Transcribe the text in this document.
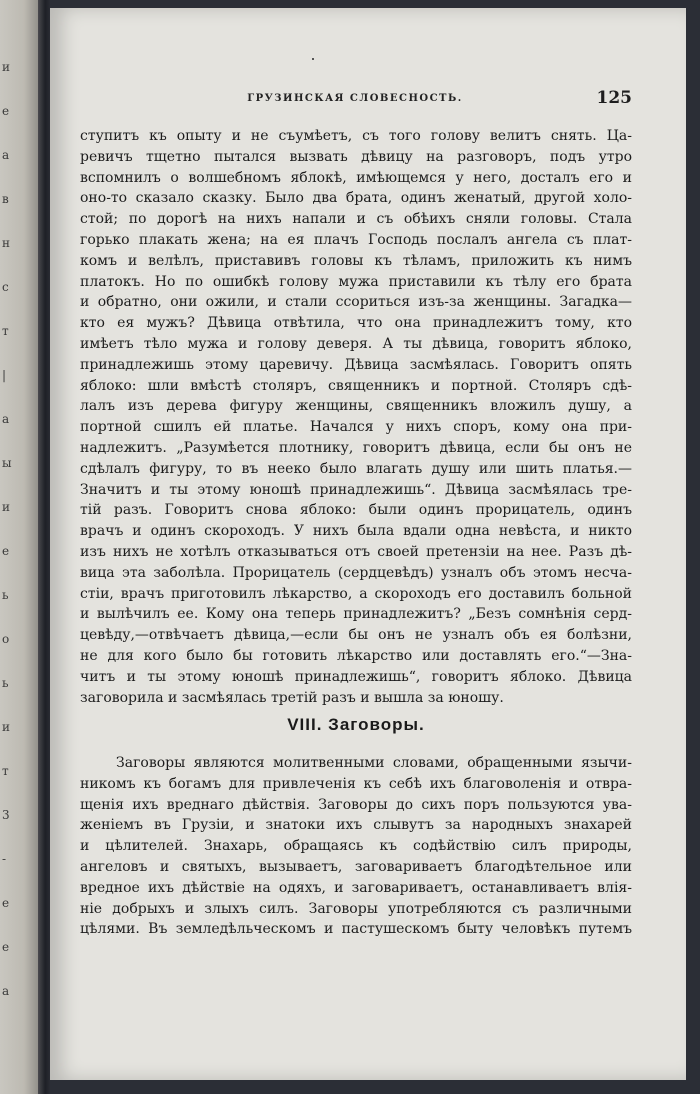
и
е
а
в
н
с
т
|
а
ы
и
е
ь
о
ь
и
т
3
-
е
е
а
ГРУЗИНСКАЯ СЛОВЕСНОСТЬ.	125
ступитъ къ опыту и не съумѣетъ, съ того голову велитъ снять. Ца-
ревичъ тщетно пытался вызвать дѣвицу на разговоръ, подъ утро
вспомнилъ о волшебномъ яблокѣ, имѣющемся у него, досталъ его и
оно-то сказало сказку. Было два брата, одинъ женатый, другой холо-
стой; по дорогѣ на нихъ напали и съ обѣихъ сняли головы. Стала
горько плакать жена; на ея плачъ Господь послалъ ангела съ плат-
комъ и велѣлъ, приставивъ головы къ тѣламъ, приложить къ нимъ
платокъ. Но по ошибкѣ голову мужа приставили къ тѣлу его брата
и обратно, они ожили, и стали ссориться изъ-за женщины. Загадка—
кто ея мужъ? Дѣвица отвѣтила, что она принадлежитъ тому, кто
имѣетъ тѣло мужа и голову деверя. А ты дѣвица, говоритъ яблоко,
принадлежишь этому царевичу. Дѣвица засмѣялась. Говоритъ опять
яблоко: шли вмѣстѣ столяръ, священникъ и портной. Столяръ сдѣ-
лалъ изъ дерева фигуру женщины, священникъ вложилъ душу, а
портной сшилъ ей платье. Начался у нихъ споръ, кому она при-
надлежитъ. „Разумѣется плотнику, говоритъ дѣвица, если бы онъ не
сдѣлалъ фигуру, то въ нееко было влагать душу или шить платья.—
Значитъ и ты этому юношѣ принадлежишь“. Дѣвица засмѣялась тре-
тій разъ. Говоритъ снова яблоко: были одинъ прорицатель, одинъ
врачъ и одинъ скороходъ. У нихъ была вдали одна невѣста, и никто
изъ нихъ не хотѣлъ отказываться отъ своей претензіи на нее. Разъ дѣ-
вица эта заболѣла. Прорицатель (сердцевѣдъ) узналъ объ этомъ несча-
стіи, врачъ приготовилъ лѣкарство, а скороходъ его доставилъ больной
и вылѣчилъ ее. Кому она теперь принадлежитъ? „Безъ сомнѣнія серд-
цевѣду,—отвѣчаетъ дѣвица,—если бы онъ не узналъ объ ея болѣзни,
не для кого было бы готовить лѣкарство или доставлять его.“—Зна-
читъ и ты этому юношѣ принадлежишь“, говоритъ яблоко. Дѣвица
заговорила и засмѣялась третій разъ и вышла за юношу.
VIII. Заговоры.
Заговоры являются молитвенными словами, обращенными язычи-
никомъ къ богамъ для привлеченія къ себѣ ихъ благоволенія и отвра-
щенія ихъ вреднаго дѣйствія. Заговоры до сихъ поръ пользуются ува-
женіемъ въ Грузіи, и знатоки ихъ слывутъ за народныхъ знахарей
и цѣлителей. Знахарь, обращаясь къ содѣйствію силъ природы,
ангеловъ и святыхъ, вызываетъ, заговариваетъ благодѣтельное или
вредное ихъ дѣйствіе на одяхъ, и заговариваетъ, останавливаетъ влія-
ніе добрыхъ и злыхъ силъ. Заговоры употребляются съ различными
цѣлями. Въ земледѣльческомъ и пастушескомъ быту человѣкъ путемъ
